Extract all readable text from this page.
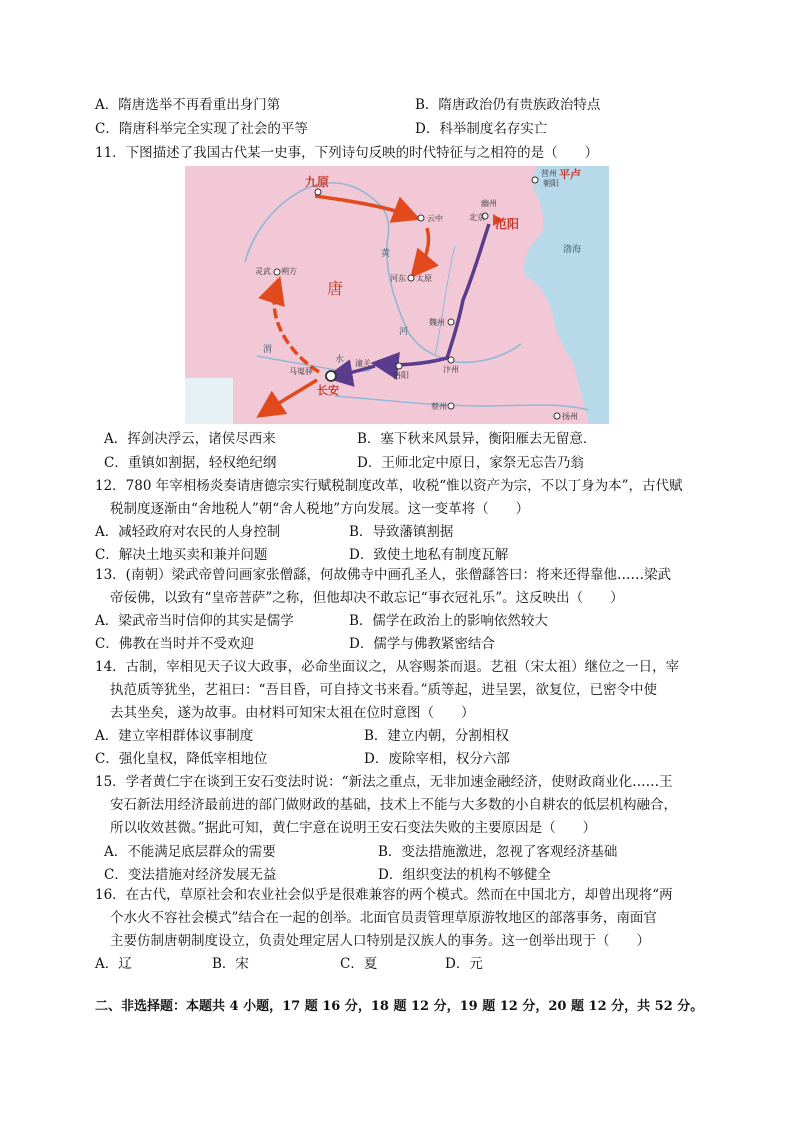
A．隋唐选举不再看重出身门第	B．隋唐政治仍有贵族政治特点
C．隋唐科举完全实现了社会的平等	D．科举制度名存实亡
11．下图描述了我国古代某一史事，下列诗句反映的时代特征与之相符的是（　　）
九原
平卢
营州
朝阳
幽州
北京 范阳
云中
河东 太原
唐
灵武 朔方
魏州
汴州
洛阳
潼关
马嵬驿
长安
蔡州
扬州
渤海
黄
河
渭
水
A．挥剑决浮云，诸侯尽西来	B．塞下秋来风景异，衡阳雁去无留意．
C．重镇如割据，轻权绝纪纲	D．王师北定中原日，家祭无忘告乃翁
12．780 年宰相杨炎奏请唐德宗实行赋税制度改革，收税“惟以资产为宗，不以丁身为本”，古代赋
税制度逐渐由“舍地税人”朝“舍人税地”方向发展。这一变革将（　　）
A．减轻政府对农民的人身控制	B．导致藩镇割据
C．解决土地买卖和兼并问题	D．致使土地私有制度瓦解
13．(南朝）梁武帝曾问画家张僧繇，何故佛寺中画孔圣人，张僧繇答曰：将来还得靠他……梁武
帝佞佛，以致有“皇帝菩萨”之称，但他却决不敢忘记“事衣冠礼乐”。这反映出（　　）
A．梁武帝当时信仰的其实是儒学	B．儒学在政治上的影响依然较大
C．佛教在当时并不受欢迎	D．儒学与佛教紧密结合
14．古制，宰相见天子议大政事，必命坐面议之，从容赐茶而退。艺祖（宋太祖）继位之一日，宰
执范质等犹坐，艺祖曰：“吾目昏，可自持文书来看。”质等起，进呈罢，欲复位，已密令中使
去其坐矣，遂为故事。由材料可知宋太祖在位时意图（　　）
A．建立宰相群体议事制度	B．建立内朝，分割相权
C．强化皇权，降低宰相地位	D．废除宰相，权分六部
15．学者黄仁宇在谈到王安石变法时说：“新法之重点，无非加速金融经济，使财政商业化……王
安石新法用经济最前进的部门做财政的基础，技术上不能与大多数的小自耕农的低层机构融合，
所以收效甚微。”据此可知，黄仁宇意在说明王安石变法失败的主要原因是（　　）
A．不能满足底层群众的需要	B．变法措施激进，忽视了客观经济基础
C．变法措施对经济发展无益	D．组织变法的机构不够健全
16．在古代，草原社会和农业社会似乎是很难兼容的两个模式。然而在中国北方，却曾出现将“两
个水火不容社会模式”结合在一起的创举。北面官员责管理草原游牧地区的部落事务，南面官
主要仿制唐朝制度设立，负责处理定居人口特别是汉族人的事务。这一创举出现于（　　）
A．辽	B．宋	C．夏	D．元
二、非选择题：本题共 4 小题，17 题 16 分，18 题 12 分，19 题 12 分，20 题 12 分，共 52 分。
